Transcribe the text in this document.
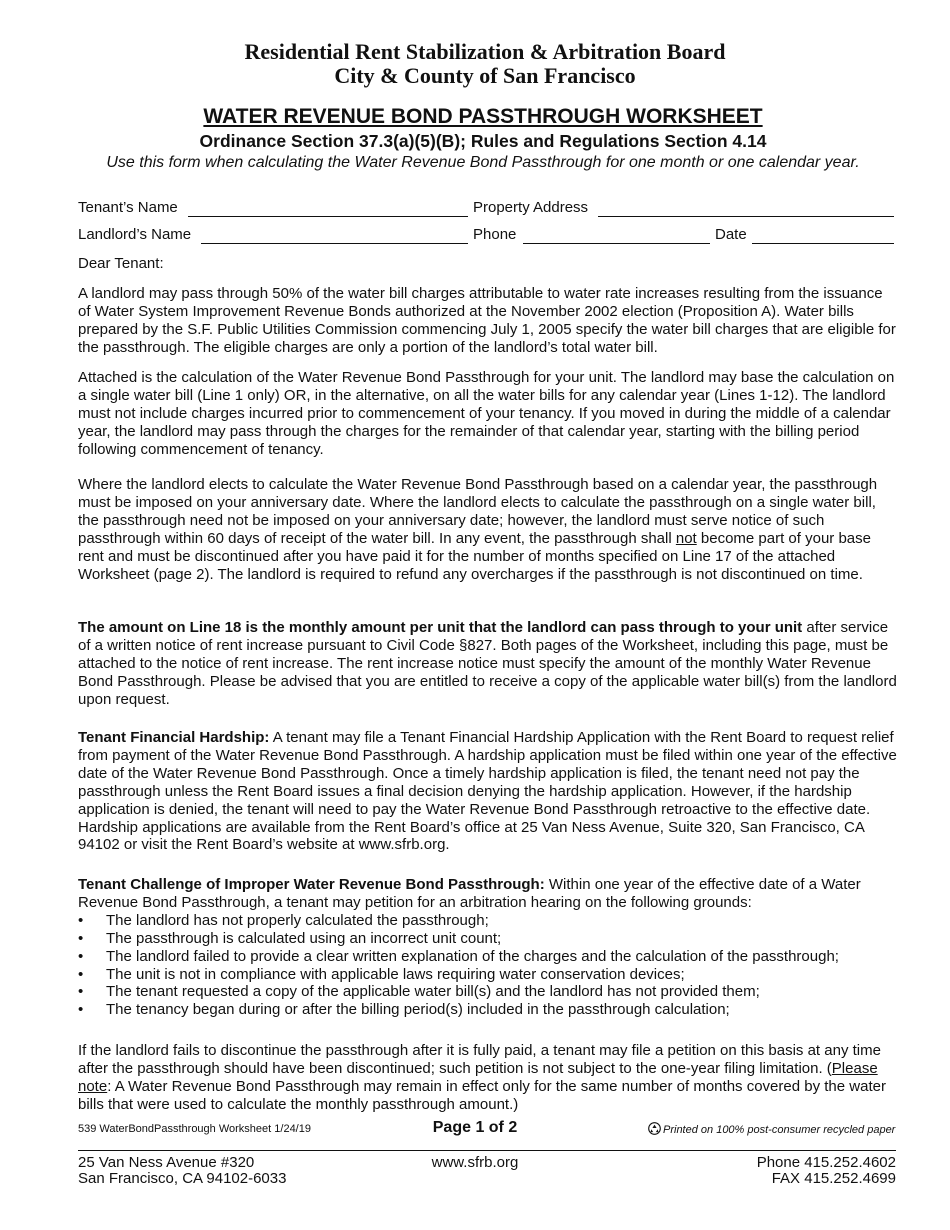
Residential Rent Stabilization & Arbitration Board
City & County of San Francisco
WATER REVENUE BOND PASSTHROUGH WORKSHEET
Ordinance Section 37.3(a)(5)(B); Rules and Regulations Section 4.14
Use this form when calculating the Water Revenue Bond Passthrough for one month or one calendar year.
Tenant’s Name	Property Address
Landlord’s Name	Phone	Date
Dear Tenant:

A landlord may pass through 50% of the water bill charges attributable to water rate increases resulting from the issuance of Water System Improvement Revenue Bonds authorized at the November 2002 election (Proposition A). Water bills prepared by the S.F. Public Utilities Commission commencing July 1, 2005 specify the water bill charges that are eligible for the passthrough. The eligible charges are only a portion of the landlord’s total water bill.

Attached is the calculation of the Water Revenue Bond Passthrough for your unit. The landlord may base the calculation on a single water bill (Line 1 only) OR, in the alternative, on all the water bills for any calendar year (Lines 1-12). The landlord must not include charges incurred prior to commencement of your tenancy. If you moved in during the middle of a calendar year, the landlord may pass through the charges for the remainder of that calendar year, starting with the billing period following commencement of tenancy.

Where the landlord elects to calculate the Water Revenue Bond Passthrough based on a calendar year, the passthrough must be imposed on your anniversary date. Where the landlord elects to calculate the passthrough on a single water bill, the passthrough need not be imposed on your anniversary date; however, the landlord must serve notice of such passthrough within 60 days of receipt of the water bill. In any event, the passthrough shall not become part of your base rent and must be discontinued after you have paid it for the number of months specified on Line 17 of the attached Worksheet (page 2). The landlord is required to refund any overcharges if the passthrough is not discontinued on time.

The amount on Line 18 is the monthly amount per unit that the landlord can pass through to your unit after service of a written notice of rent increase pursuant to Civil Code §827. Both pages of the Worksheet, including this page, must be attached to the notice of rent increase. The rent increase notice must specify the amount of the monthly Water Revenue Bond Passthrough. Please be advised that you are entitled to receive a copy of the applicable water bill(s) from the landlord upon request.

Tenant Financial Hardship: A tenant may file a Tenant Financial Hardship Application with the Rent Board to request relief from payment of the Water Revenue Bond Passthrough. A hardship application must be filed within one year of the effective date of the Water Revenue Bond Passthrough. Once a timely hardship application is filed, the tenant need not pay the passthrough unless the Rent Board issues a final decision denying the hardship application. However, if the hardship application is denied, the tenant will need to pay the Water Revenue Bond Passthrough retroactive to the effective date. Hardship applications are available from the Rent Board’s office at 25 Van Ness Avenue, Suite 320, San Francisco, CA 94102 or visit the Rent Board’s website at www.sfrb.org.

Tenant Challenge of Improper Water Revenue Bond Passthrough: Within one year of the effective date of a Water Revenue Bond Passthrough, a tenant may petition for an arbitration hearing on the following grounds:

• The landlord has not properly calculated the passthrough;
• The passthrough is calculated using an incorrect unit count;
• The landlord failed to provide a clear written explanation of the charges and the calculation of the passthrough;
• The unit is not in compliance with applicable laws requiring water conservation devices;
• The tenant requested a copy of the applicable water bill(s) and the landlord has not provided them;
• The tenancy began during or after the billing period(s) included in the passthrough calculation;

If the landlord fails to discontinue the passthrough after it is fully paid, a tenant may file a petition on this basis at any time after the passthrough should have been discontinued; such petition is not subject to the one-year filing limitation. (Please note: A Water Revenue Bond Passthrough may remain in effect only for the same number of months covered by the water bills that were used to calculate the monthly passthrough amount.)

539 WaterBondPassthrough Worksheet 1/24/19	Page 1 of 2	Printed on 100% post-consumer recycled paper
25 Van Ness Avenue #320
San Francisco, CA 94102-6033
www.sfrb.org	Phone 415.252.4602
FAX 415.252.4699
